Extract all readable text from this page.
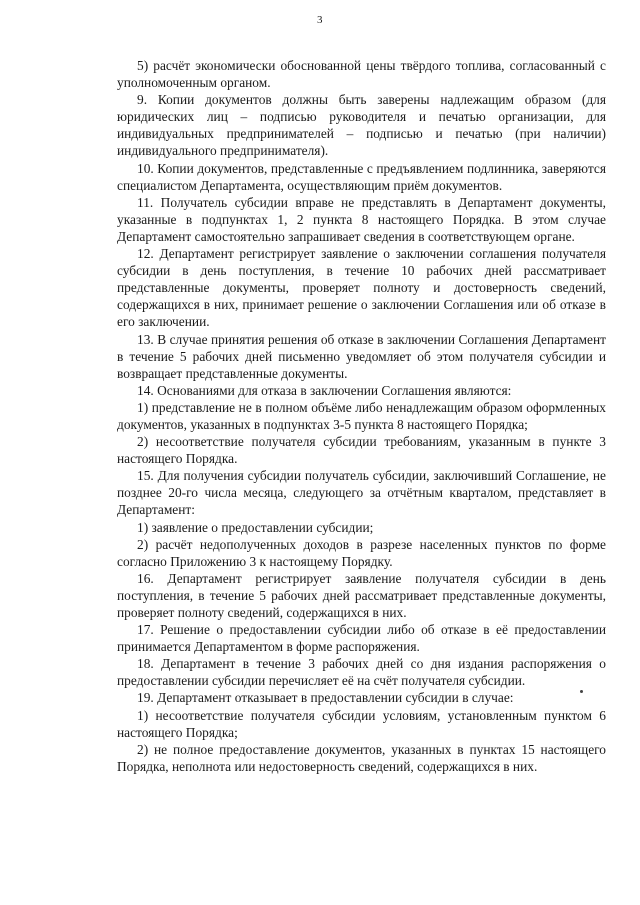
3

5) расчёт экономически обоснованной цены твёрдого топлива, согласованный с уполномоченным органом.

9. Копии документов должны быть заверены надлежащим образом (для юридических лиц – подписью руководителя и печатью организации, для индивидуальных предпринимателей – подписью и печатью (при наличии) индивидуального предпринимателя).

10. Копии документов, представленные с предъявлением подлинника, заверяются специалистом Департамента, осуществляющим приём документов.

11. Получатель субсидии вправе не представлять в Департамент документы, указанные в подпунктах 1, 2 пункта 8 настоящего Порядка. В этом случае Департамент самостоятельно запрашивает сведения в соответствующем органе.

12. Департамент регистрирует заявление о заключении соглашения получателя субсидии в день поступления, в течение 10 рабочих дней рассматривает представленные документы, проверяет полноту и достоверность сведений, содержащихся в них, принимает решение о заключении Соглашения или об отказе в его заключении.

13. В случае принятия решения об отказе в заключении Соглашения Департамент в течение 5 рабочих дней письменно уведомляет об этом получателя субсидии и возвращает представленные документы.

14. Основаниями для отказа в заключении Соглашения являются:

1) представление не в полном объёме либо ненадлежащим образом оформленных документов, указанных в подпунктах 3-5 пункта 8 настоящего Порядка;

2) несоответствие получателя субсидии требованиям, указанным в пункте 3 настоящего Порядка.

15. Для получения субсидии получатель субсидии, заключивший Соглашение, не позднее 20-го числа месяца, следующего за отчётным кварталом, представляет в Департамент:

1) заявление о предоставлении субсидии;

2) расчёт недополученных доходов в разрезе населенных пунктов по форме согласно Приложению 3 к настоящему Порядку.

16. Департамент регистрирует заявление получателя субсидии в день поступления, в течение 5 рабочих дней рассматривает представленные документы, проверяет полноту сведений, содержащихся в них.

17. Решение о предоставлении субсидии либо об отказе в её предоставлении принимается Департаментом в форме распоряжения.

18. Департамент в течение 3 рабочих дней со дня издания распоряжения о предоставлении субсидии перечисляет её на счёт получателя субсидии.

19. Департамент отказывает в предоставлении субсидии в случае:

1) несоответствие получателя субсидии условиям, установленным пунктом 6 настоящего Порядка;

2) не полное предоставление документов, указанных в пунктах 15 настоящего Порядка, неполнота или недостоверность сведений, содержащихся в них.
